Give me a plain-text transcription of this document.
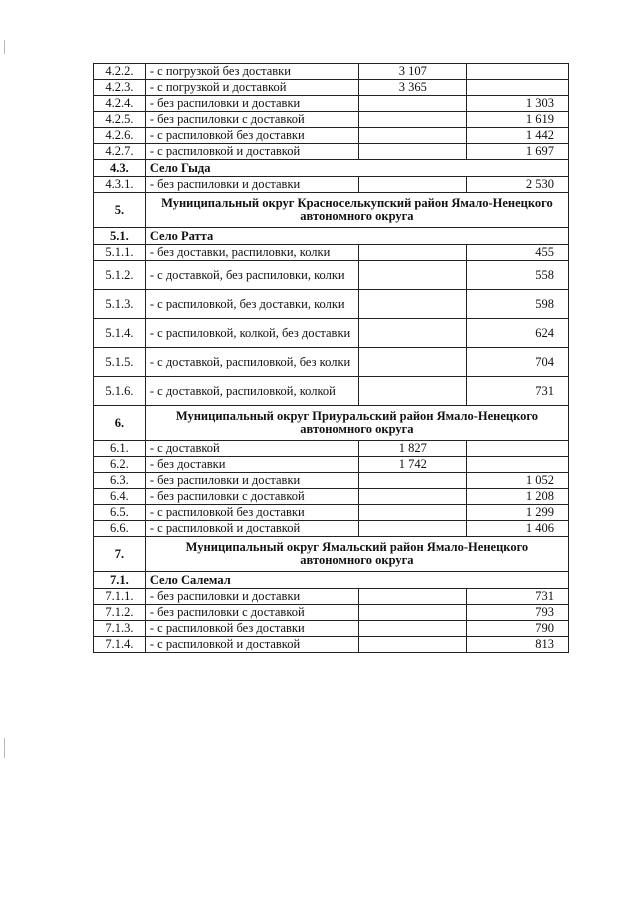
4.2.2.	- с погрузкой без доставки	3 107	
4.2.3.	- с погрузкой и доставкой	3 365	
4.2.4.	- без распиловки и доставки		1 303
4.2.5.	- без распиловки с доставкой		1 619
4.2.6.	- с распиловкой без доставки		1 442
4.2.7.	- с распиловкой и доставкой		1 697
4.3.	Село Гыда		
4.3.1.	- без распиловки и доставки		2 530
5.	Муниципальный округ Красноселькупский район Ямало-Ненецкого автономного округа		
5.1.	Село Ратта		
5.1.1.	- без доставки, распиловки, колки		455
5.1.2.	- с доставкой, без распиловки, колки		558
5.1.3.	- с распиловкой, без доставки, колки		598
5.1.4.	- с распиловкой, колкой, без доставки		624
5.1.5.	- с доставкой, распиловкой, без колки		704
5.1.6.	- с доставкой, распиловкой, колкой		731
6.	Муниципальный округ Приуральский район Ямало-Ненецкого автономного округа		
6.1.	- с доставкой	1 827	
6.2.	- без доставки	1 742	
6.3.	- без распиловки и доставки		1 052
6.4.	- без распиловки с доставкой		1 208
6.5.	- с распиловкой без доставки		1 299
6.6.	- с распиловкой и доставкой		1 406
7.	Муниципальный округ Ямальский район Ямало-Ненецкого автономного округа		
7.1.	Село Салемал		
7.1.1.	- без распиловки и доставки		731
7.1.2.	- без распиловки с доставкой		793
7.1.3.	- с распиловкой без доставки		790
7.1.4.	- с распиловкой и доставкой		813
